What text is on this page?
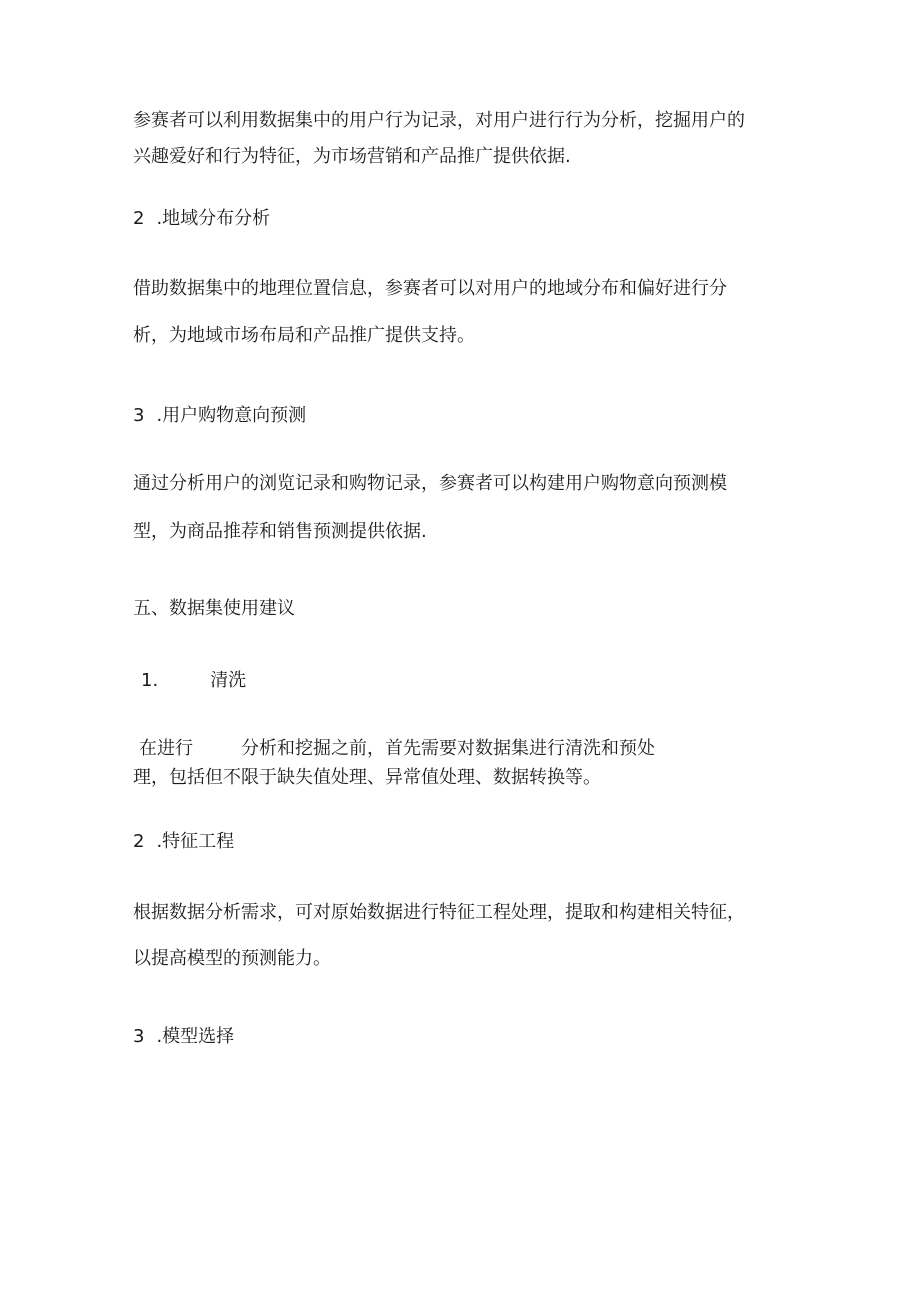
参赛者可以利用数据集中的用户行为记录，对用户进行行为分析，挖掘用户的

兴趣爱好和行为特征，为市场营销和产品推广提供依据.

2 .地域分布分析

借助数据集中的地理位置信息，参赛者可以对用户的地域分布和偏好进行分

析，为地域市场布局和产品推广提供支持。

3 .用户购物意向预测

通过分析用户的浏览记录和购物记录，参赛者可以构建用户购物意向预测模

型，为商品推荐和销售预测提供依据.

五、数据集使用建议

1.	清洗

在进行	分析和挖掘之前，首先需要对数据集进行清洗和预处

理，包括但不限于缺失值处理、异常值处理、数据转换等。

2 .特征工程

根据数据分析需求，可对原始数据进行特征工程处理，提取和构建相关特征，

以提高模型的预测能力。

3 .模型选择
